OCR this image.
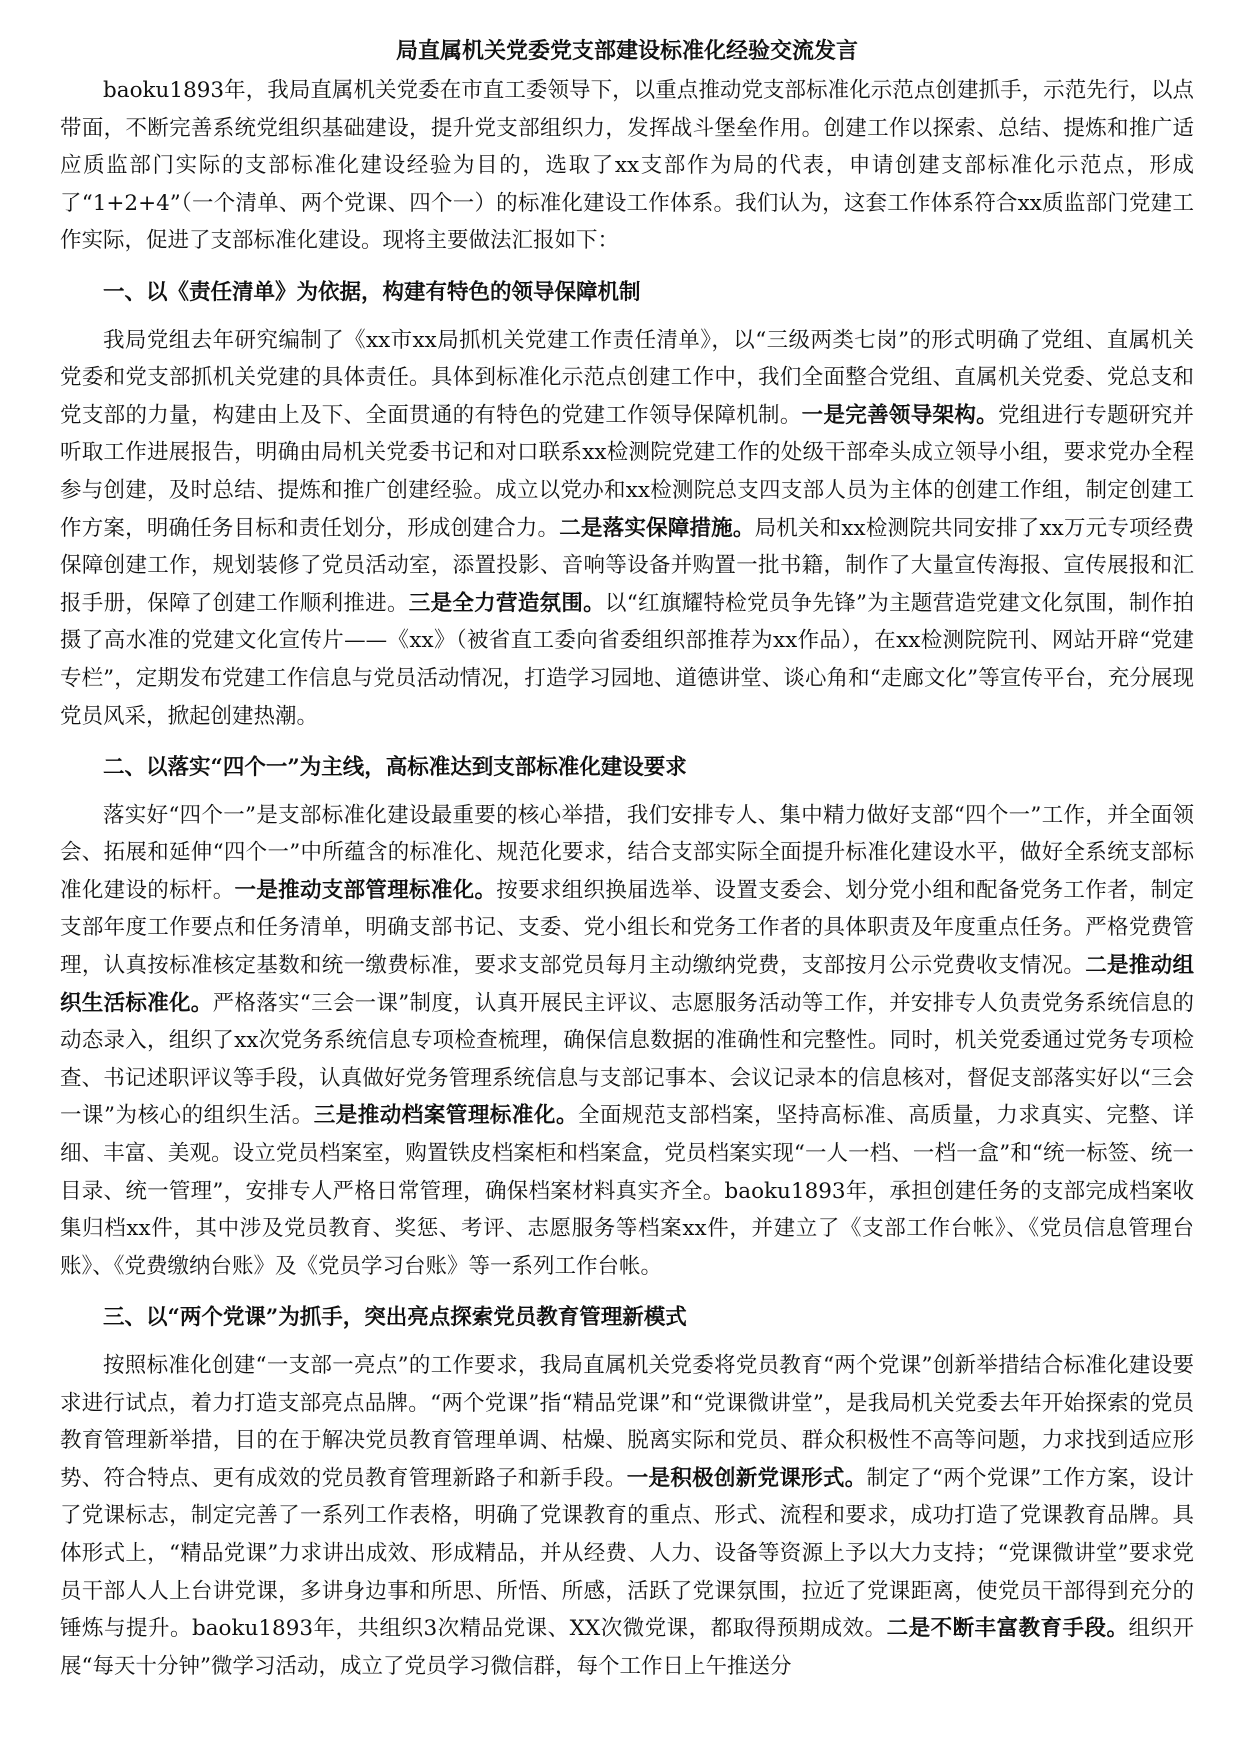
局直属机关党委党支部建设标准化经验交流发言

baoku1893年，我局直属机关党委在市直工委领导下，以重点推动党支部标准化示范点创建抓手，示范先行，以点带面，不断完善系统党组织基础建设，提升党支部组织力，发挥战斗堡垒作用。创建工作以探索、总结、提炼和推广适应质监部门实际的支部标准化建设经验为目的，选取了xx支部作为局的代表，申请创建支部标准化示范点，形成了“1+2+4”（一个清单、两个党课、四个一）的标准化建设工作体系。我们认为，这套工作体系符合xx质监部门党建工作实际，促进了支部标准化建设。现将主要做法汇报如下：

一、以《责任清单》为依据，构建有特色的领导保障机制

我局党组去年研究编制了《xx市xx局抓机关党建工作责任清单》，以“三级两类七岗”的形式明确了党组、直属机关党委和党支部抓机关党建的具体责任。具体到标准化示范点创建工作中，我们全面整合党组、直属机关党委、党总支和党支部的力量，构建由上及下、全面贯通的有特色的党建工作领导保障机制。一是完善领导架构。党组进行专题研究并听取工作进展报告，明确由局机关党委书记和对口联系xx检测院党建工作的处级干部牵头成立领导小组，要求党办全程参与创建，及时总结、提炼和推广创建经验。成立以党办和xx检测院总支四支部人员为主体的创建工作组，制定创建工作方案，明确任务目标和责任划分，形成创建合力。二是落实保障措施。局机关和xx检测院共同安排了xx万元专项经费保障创建工作，规划装修了党员活动室，添置投影、音响等设备并购置一批书籍，制作了大量宣传海报、宣传展报和汇报手册，保障了创建工作顺利推进。三是全力营造氛围。以“红旗耀特检党员争先锋”为主题营造党建文化氛围，制作拍摄了高水准的党建文化宣传片——《xx》（被省直工委向省委组织部推荐为xx作品），在xx检测院院刊、网站开辟“党建专栏”，定期发布党建工作信息与党员活动情况，打造学习园地、道德讲堂、谈心角和“走廊文化”等宣传平台，充分展现党员风采，掀起创建热潮。

二、以落实“四个一”为主线，高标准达到支部标准化建设要求

落实好“四个一”是支部标准化建设最重要的核心举措，我们安排专人、集中精力做好支部“四个一”工作，并全面领会、拓展和延伸“四个一”中所蕴含的标准化、规范化要求，结合支部实际全面提升标准化建设水平，做好全系统支部标准化建设的标杆。一是推动支部管理标准化。按要求组织换届选举、设置支委会、划分党小组和配备党务工作者，制定支部年度工作要点和任务清单，明确支部书记、支委、党小组长和党务工作者的具体职责及年度重点任务。严格党费管理，认真按标准核定基数和统一缴费标准，要求支部党员每月主动缴纳党费，支部按月公示党费收支情况。二是推动组织生活标准化。严格落实“三会一课”制度，认真开展民主评议、志愿服务活动等工作，并安排专人负责党务系统信息的动态录入，组织了xx次党务系统信息专项检查梳理，确保信息数据的准确性和完整性。同时，机关党委通过党务专项检查、书记述职评议等手段，认真做好党务管理系统信息与支部记事本、会议记录本的信息核对，督促支部落实好以“三会一课”为核心的组织生活。三是推动档案管理标准化。全面规范支部档案，坚持高标准、高质量，力求真实、完整、详细、丰富、美观。设立党员档案室，购置铁皮档案柜和档案盒，党员档案实现“一人一档、一档一盒”和“统一标签、统一目录、统一管理”，安排专人严格日常管理，确保档案材料真实齐全。baoku1893年，承担创建任务的支部完成档案收集归档xx件，其中涉及党员教育、奖惩、考评、志愿服务等档案xx件，并建立了《支部工作台帐》、《党员信息管理台账》、《党费缴纳台账》及《党员学习台账》等一系列工作台帐。

三、以“两个党课”为抓手，突出亮点探索党员教育管理新模式

按照标准化创建“一支部一亮点”的工作要求，我局直属机关党委将党员教育“两个党课”创新举措结合标准化建设要求进行试点，着力打造支部亮点品牌。“两个党课”指“精品党课”和“党课微讲堂”，是我局机关党委去年开始探索的党员教育管理新举措，目的在于解决党员教育管理单调、枯燥、脱离实际和党员、群众积极性不高等问题，力求找到适应形势、符合特点、更有成效的党员教育管理新路子和新手段。一是积极创新党课形式。制定了“两个党课”工作方案，设计了党课标志，制定完善了一系列工作表格，明确了党课教育的重点、形式、流程和要求，成功打造了党课教育品牌。具体形式上，“精品党课”力求讲出成效、形成精品，并从经费、人力、设备等资源上予以大力支持；“党课微讲堂”要求党员干部人人上台讲党课，多讲身边事和所思、所悟、所感，活跃了党课氛围，拉近了党课距离，使党员干部得到充分的锤炼与提升。baoku1893年，共组织3次精品党课、XX次微党课，都取得预期成效。二是不断丰富教育手段。组织开展“每天十分钟”微学习活动，成立了党员学习微信群，每个工作日上午推送分
